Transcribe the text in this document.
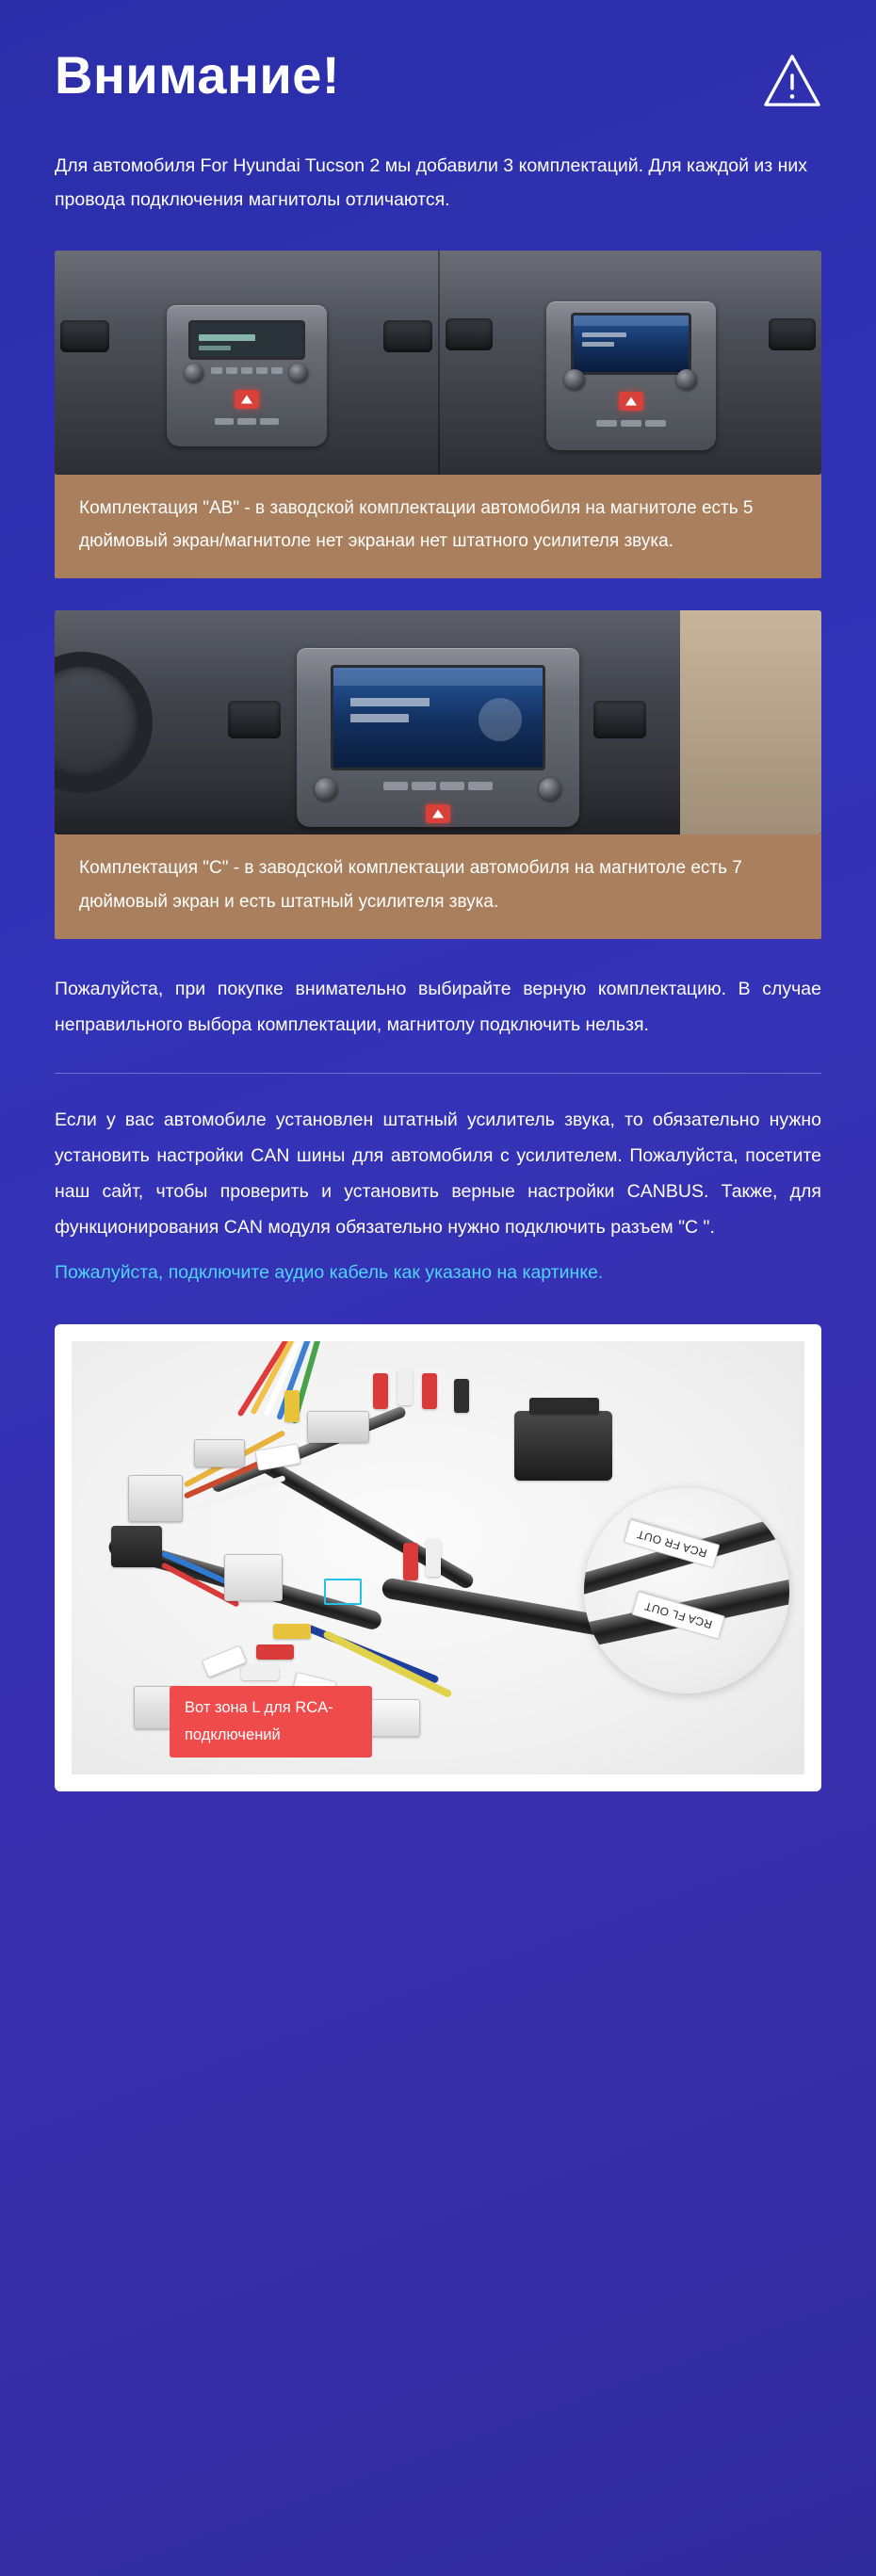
Внимание!

Для автомобиля For Hyundai Tucson 2 мы добавили 3 комплектаций. Для каждой из них провода подключения магнитолы отличаются.

Комплектация "AB" - в заводской комплектации автомобиля на магнитоле есть 5 дюймовый экран/магнитоле нет экранаи нет штатного усилителя звука.
Комплектация "C" - в заводской комплектации автомобиля на магнитоле есть 7 дюймовый экран и есть штатный усилителя звука.

Пожалуйста, при покупке внимательно выбирайте верную комплектацию. В случае неправильного выбора комплектации, магнитолу подключить нельзя.

Если у вас автомобиле установлен штатный усилитель звука, то обязательно нужно установить настройки CAN шины для автомобиля с усилителем. Пожалуйста, посетите наш сайт, чтобы проверить и установить верные настройки CANBUS. Также, для функционирования CAN модуля обязательно нужно подключить разъем "C ".

Пожалуйста, подключите аудио кабель как указано на картинке.

RCA FR OUT
RCA FL OUT
Вот зона L для RCA-подключений
